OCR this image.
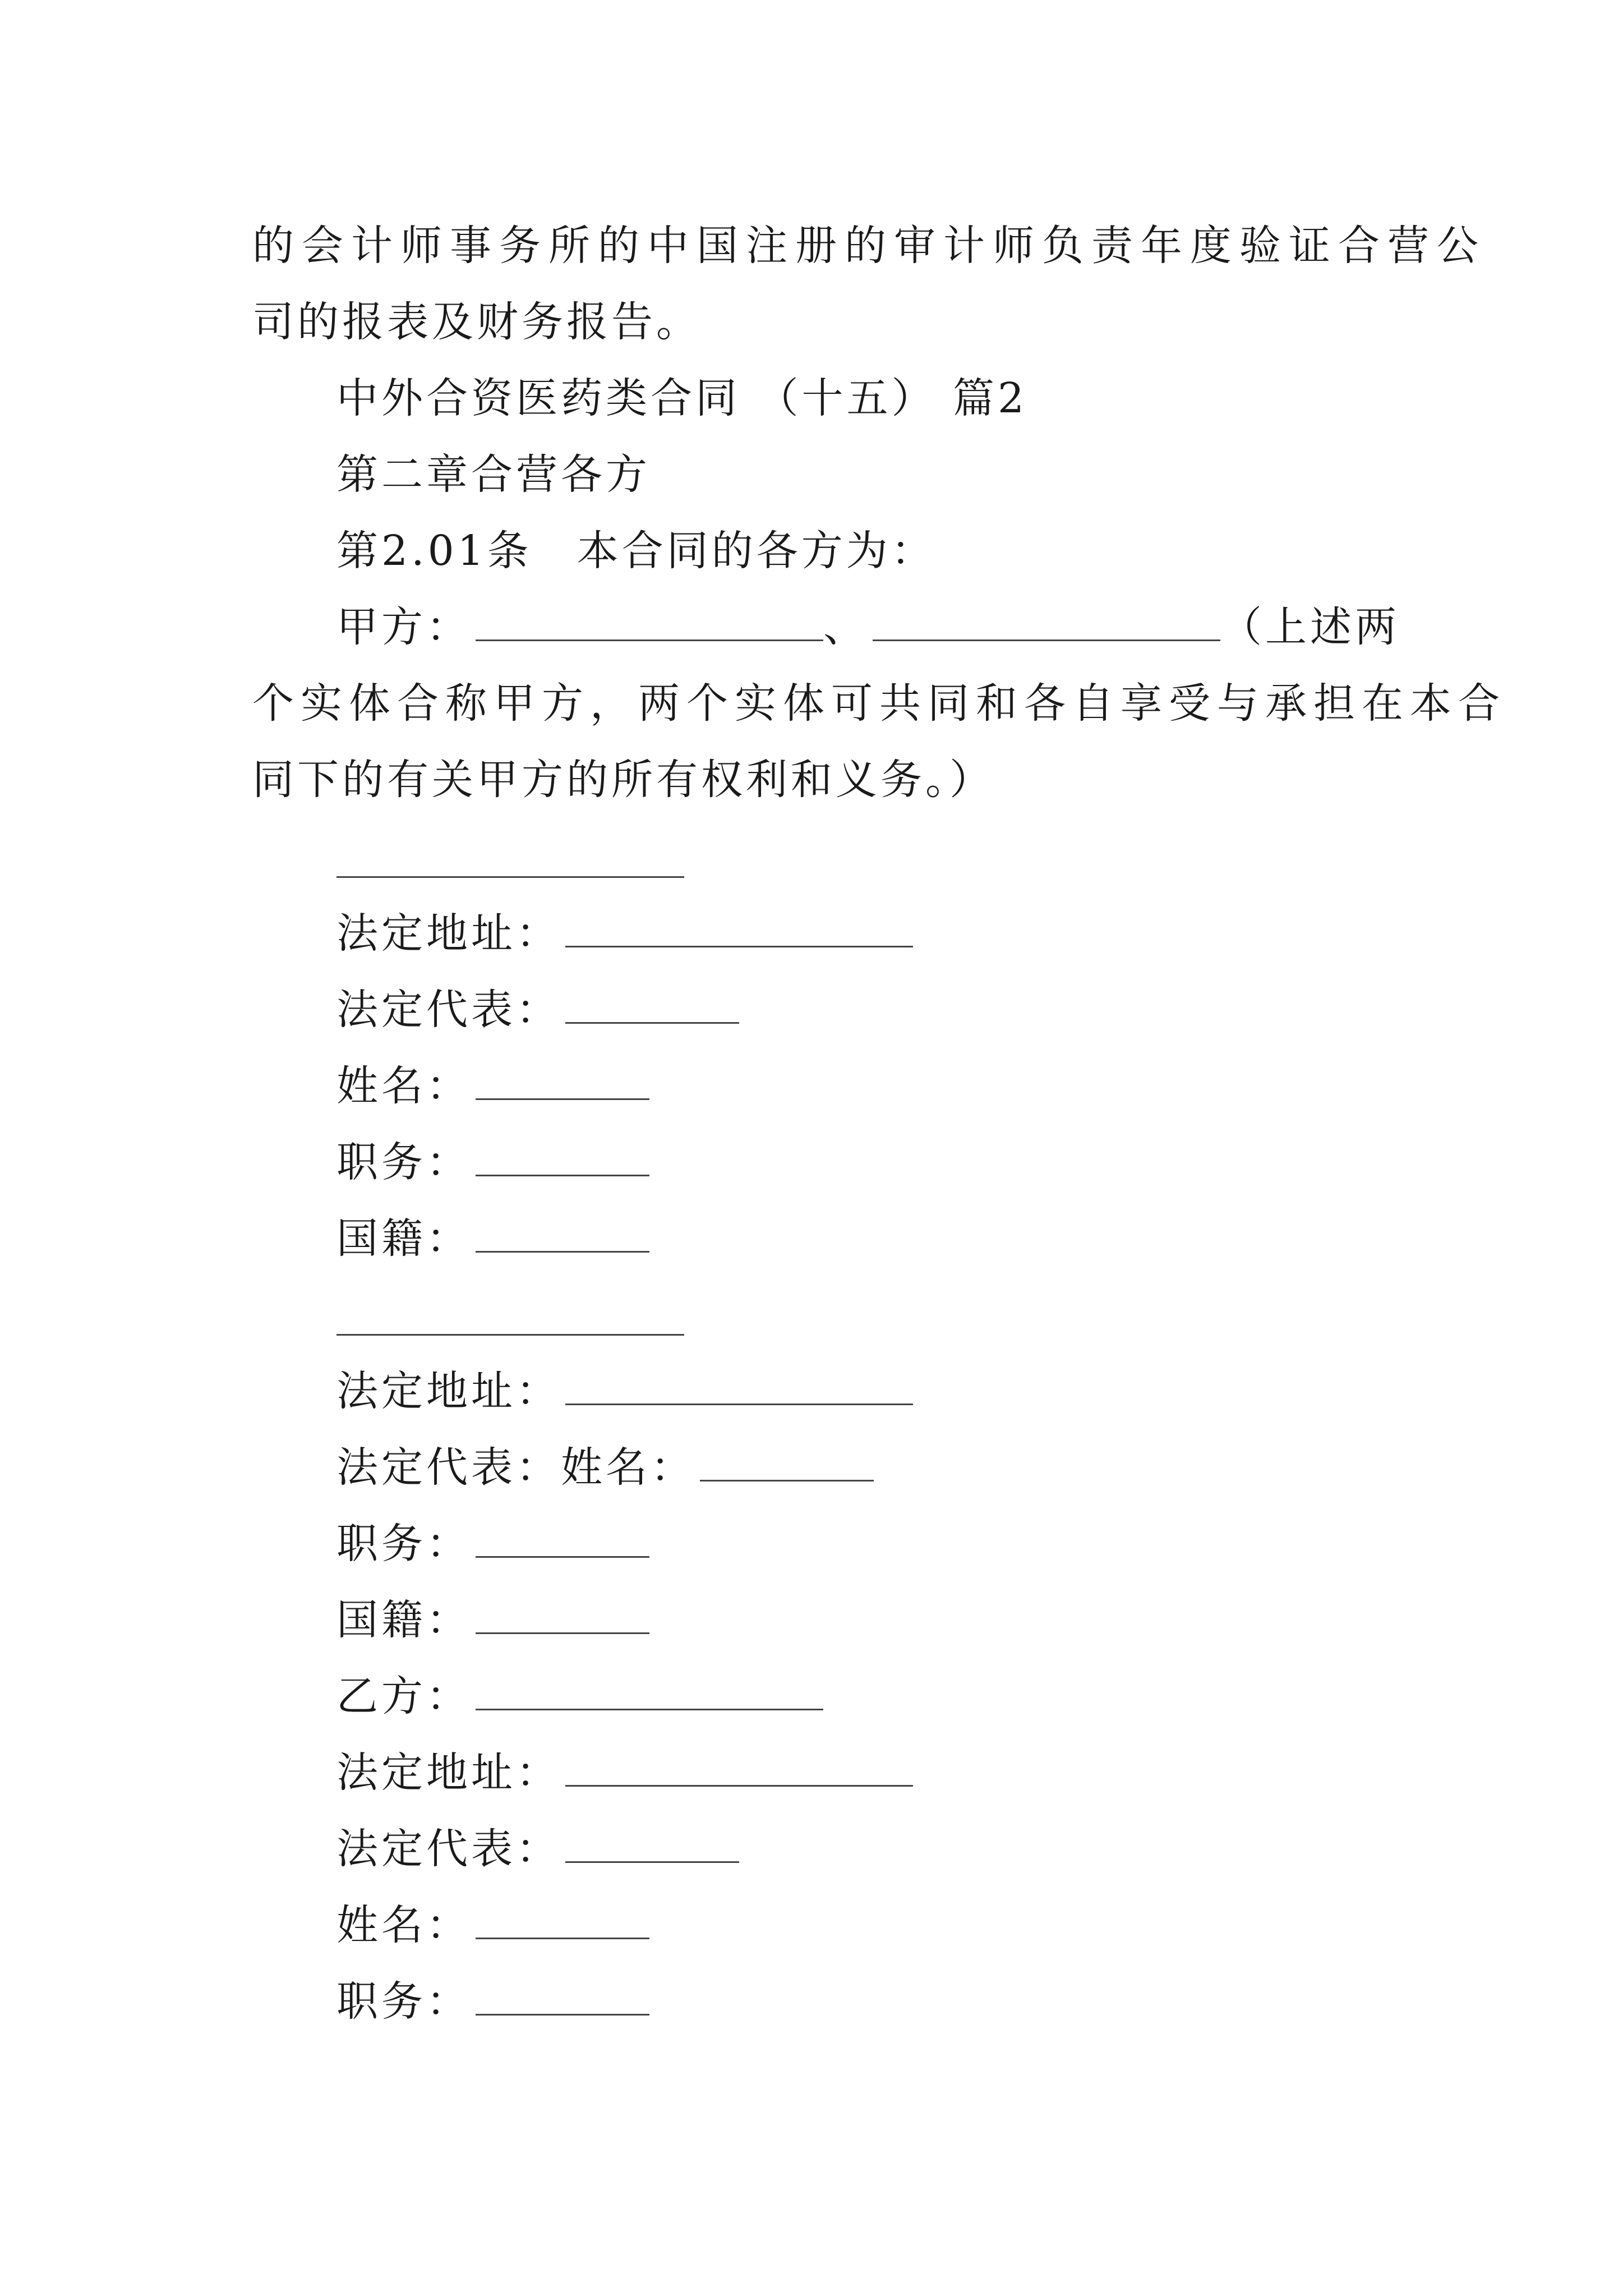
的会计师事务所的中国注册的审计师负责年度验证合营公
司的报表及财务报告。
中外合资医药类合同 （十五） 篇2
第二章合营各方
第2.01条　本合同的各方为：
甲方：	、	（上述两
个实体合称甲方，两个实体可共同和各自享受与承担在本合
同下的有关甲方的所有权利和义务。）
法定地址：
法定代表：
姓名：
职务：
国籍：
法定地址：
法定代表：姓名：
职务：
国籍：
乙方：
法定地址：
法定代表：
姓名：
职务：
